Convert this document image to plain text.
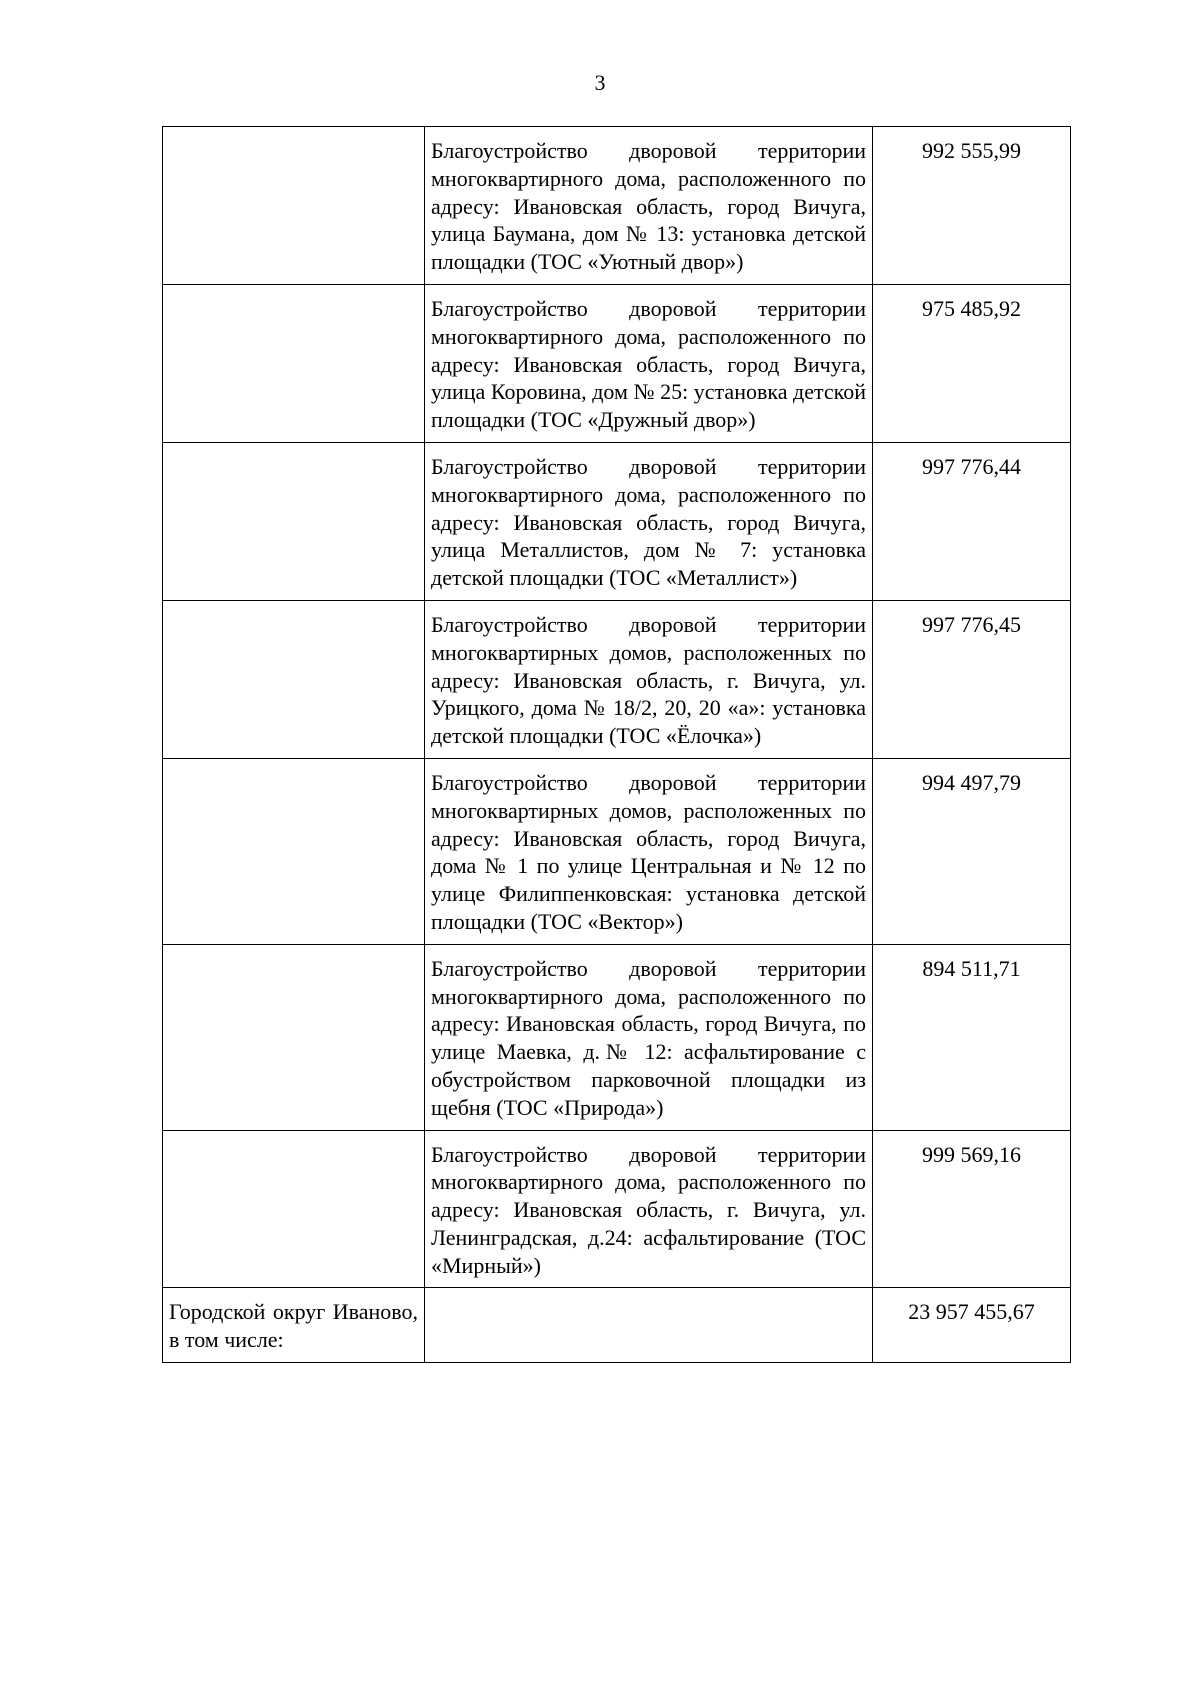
3
	Благоустройство дворовой территории многоквартирного дома, расположенного по адресу: Ивановская область, город Вичуга, улица Баумана, дом № 13: установка детской площадки (ТОС «Уютный двор»)	992 555,99
	Благоустройство дворовой территории многоквартирного дома, расположенного по адресу: Ивановская область, город Вичуга, улица Коровина, дом № 25: установка детской площадки (ТОС «Дружный двор»)	975 485,92
	Благоустройство дворовой территории многоквартирного дома, расположенного по адресу: Ивановская область, город Вичуга, улица Металлистов, дом № 7: установка детской площадки (ТОС «Металлист»)	997 776,44
	Благоустройство дворовой территории многоквартирных домов, расположенных по адресу: Ивановская область, г. Вичуга, ул. Урицкого, дома № 18/2, 20, 20 «а»: установка детской площадки (ТОС «Ёлочка»)	997 776,45
	Благоустройство дворовой территории многоквартирных домов, расположенных по адресу: Ивановская область, город Вичуга, дома № 1 по улице Центральная и № 12 по улице Филиппенковская: установка детской площадки (ТОС «Вектор»)	994 497,79
	Благоустройство дворовой территории многоквартирного дома, расположенного по адресу: Ивановская область, город Вичуга, по улице Маевка, д.№ 12: асфальтирование с обустройством парковочной площадки из щебня (ТОС «Природа»)	894 511,71
	Благоустройство дворовой территории многоквартирного дома, расположенного по адресу: Ивановская область, г. Вичуга, ул. Ленинградская, д.24: асфальтирование (ТОС «Мирный»)	999 569,16
Городской округ Иваново, в том числе:		23 957 455,67
